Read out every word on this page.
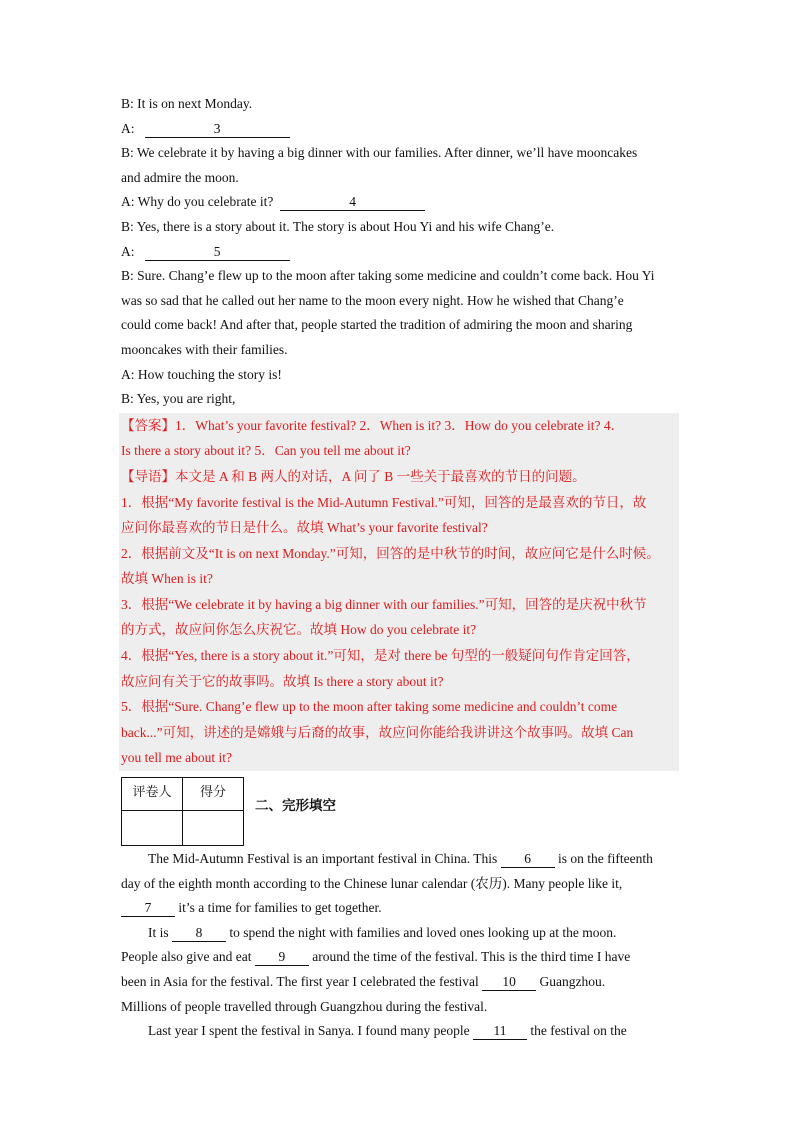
B: It is on next Monday.
A:	3
B: We celebrate it by having a big dinner with our families. After dinner, we’ll have mooncakes
and admire the moon.
A: Why do you celebrate it?	4
B: Yes, there is a story about it. The story is about Hou Yi and his wife Chang’e.
A:	5
B: Sure. Chang’e flew up to the moon after taking some medicine and couldn’t come back. Hou Yi
was so sad that he called out her name to the moon every night. How he wished that Chang’e
could come back! And after that, people started the tradition of admiring the moon and sharing
mooncakes with their families.
A: How touching the story is!
B: Yes, you are right,
【答案】1．What’s your favorite festival? 2．When is it? 3．How do you celebrate it? 4．
Is there a story about it? 5．Can you tell me about it?
【导语】本文是 A 和 B 两人的对话，A 问了 B 一些关于最喜欢的节日的问题。
1．根据“My favorite festival is the Mid-Autumn Festival.”可知，回答的是最喜欢的节日，故
应问你最喜欢的节日是什么。故填 What’s your favorite festival?
2．根据前文及“It is on next Monday.”可知，回答的是中秋节的时间，故应问它是什么时候。
故填 When is it?
3．根据“We celebrate it by having a big dinner with our families.”可知，回答的是庆祝中秋节
的方式，故应问你怎么庆祝它。故填 How do you celebrate it?
4．根据“Yes, there is a story about it.”可知，是对 there be 句型的一般疑问句作肯定回答，
故应问有关于它的故事吗。故填 Is there a story about it?
5．根据“Sure. Chang’e flew up to the moon after taking some medicine and couldn’t come
back...”可知，讲述的是嫦娥与后裔的故事，故应问你能给我讲讲这个故事吗。故填 Can
you tell me about it?
评卷人	得分

二、完形填空
The Mid-Autumn Festival is an important festival in China. This 6 is on the fifteenth
day of the eighth month according to the Chinese lunar calendar (农历). Many people like it,
7 it’s a time for families to get together.
It is 8 to spend the night with families and loved ones looking up at the moon.
People also give and eat 9 around the time of the festival. This is the third time I have
been in Asia for the festival. The first year I celebrated the festival 10 Guangzhou.
Millions of people travelled through Guangzhou during the festival.
Last year I spent the festival in Sanya. I found many people 11 the festival on the
